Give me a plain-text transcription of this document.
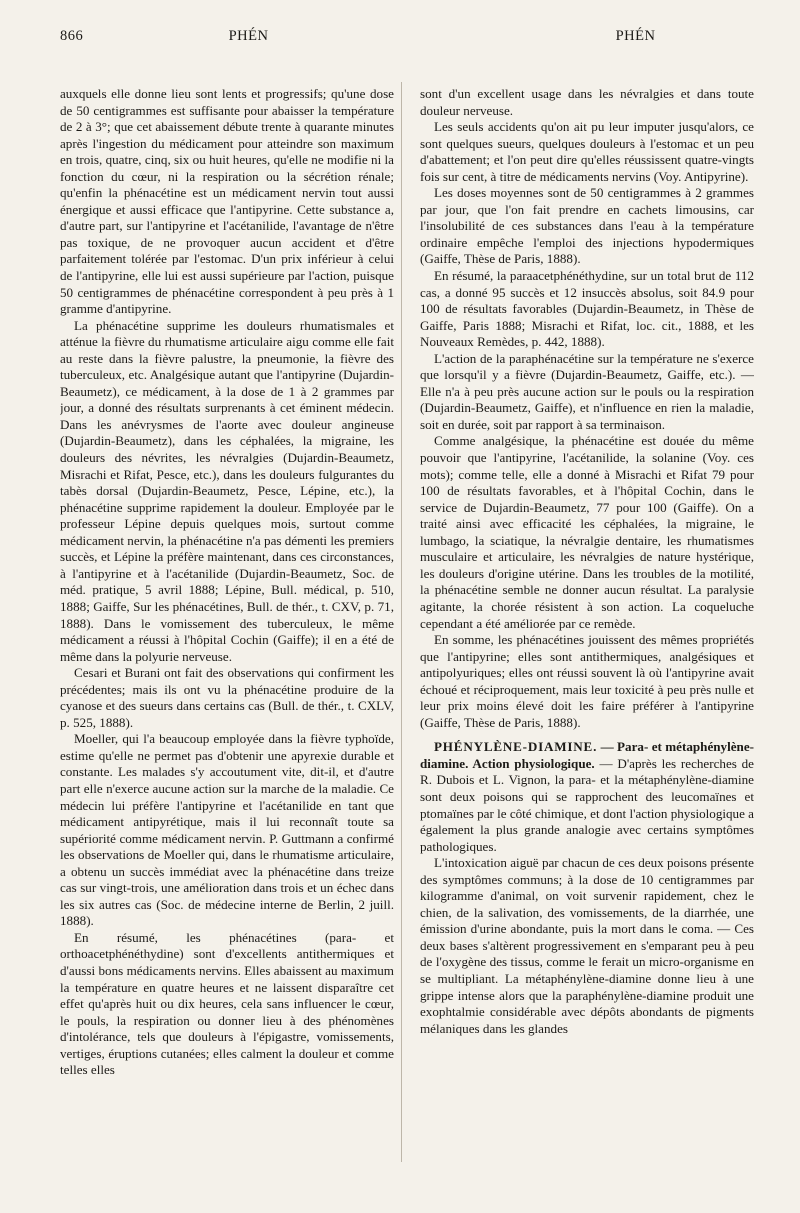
866	PHÉN	PHÉN

auxquels elle donne lieu sont lents et progressifs; qu'une dose de 50 centigrammes est suffisante pour abaisser la température de 2 à 3°; que cet abaissement débute trente à quarante minutes après l'ingestion du médicament pour atteindre son maximum en trois, quatre, cinq, six ou huit heures, qu'elle ne modifie ni la fonction du cœur, ni la respiration ou la sécrétion rénale; qu'enfin la phénacétine est un médicament nervin tout aussi énergique et aussi efficace que l'antipyrine. Cette substance a, d'autre part, sur l'antipyrine et l'acétanilide, l'avantage de n'être pas toxique, de ne provoquer aucun accident et d'être parfaitement tolérée par l'estomac. D'un prix inférieur à celui de l'antipyrine, elle lui est aussi supérieure par l'action, puisque 50 centigrammes de phénacétine correspondent à peu près à 1 gramme d'antipyrine.

La phénacétine supprime les douleurs rhumatismales et atténue la fièvre du rhumatisme articulaire aigu comme elle fait au reste dans la fièvre palustre, la pneumonie, la fièvre des tuberculeux, etc. Analgésique autant que l'antipyrine (Dujardin-Beaumetz), ce médicament, à la dose de 1 à 2 grammes par jour, a donné des résultats surprenants à cet éminent médecin. Dans les anévrysmes de l'aorte avec douleur angineuse (Dujardin-Beaumetz), dans les céphalées, la migraine, les douleurs des névrites, les névralgies (Dujardin-Beaumetz, Misrachi et Rifat, Pesce, etc.), dans les douleurs fulgurantes du tabès dorsal (Dujardin-Beaumetz, Pesce, Lépine, etc.), la phénacétine supprime rapidement la douleur. Employée par le professeur Lépine depuis quelques mois, surtout comme médicament nervin, la phénacétine n'a pas démenti les premiers succès, et Lépine la préfère maintenant, dans ces circonstances, à l'antipyrine et à l'acétanilide (Dujardin-Beaumetz, Soc. de méd. pratique, 5 avril 1888; Lépine, Bull. médical, p. 510, 1888; Gaiffe, Sur les phénacétines, Bull. de thér., t. CXV, p. 71, 1888). Dans le vomissement des tuberculeux, le même médicament a réussi à l'hôpital Cochin (Gaiffe); il en a été de même dans la polyurie nerveuse.

Cesari et Burani ont fait des observations qui confirment les précédentes; mais ils ont vu la phénacétine produire de la cyanose et des sueurs dans certains cas (Bull. de thér., t. CXLV, p. 525, 1888).

Moeller, qui l'a beaucoup employée dans la fièvre typhoïde, estime qu'elle ne permet pas d'obtenir une apyrexie durable et constante. Les malades s'y accoutument vite, dit-il, et d'autre part elle n'exerce aucune action sur la marche de la maladie. Ce médecin lui préfère l'antipyrine et l'acétanilide en tant que médicament antipyrétique, mais il lui reconnaît toute sa supériorité comme médicament nervin. P. Guttmann a confirmé les observations de Moeller qui, dans le rhumatisme articulaire, a obtenu un succès immédiat avec la phénacétine dans treize cas sur vingt-trois, une amélioration dans trois et un échec dans les six autres cas (Soc. de médecine interne de Berlin, 2 juill. 1888).

En résumé, les phénacétines (para- et orthoacetphénéthydine) sont d'excellents antithermiques et d'aussi bons médicaments nervins. Elles abaissent au maximum la température en quatre heures et ne laissent disparaître cet effet qu'après huit ou dix heures, cela sans influencer le cœur, le pouls, la respiration ou donner lieu à des phénomènes d'intolérance, tels que douleurs à l'épigastre, vomissements, vertiges, éruptions cutanées; elles calment la douleur et comme telles elles

sont d'un excellent usage dans les névralgies et dans toute douleur nerveuse.

Les seuls accidents qu'on ait pu leur imputer jusqu'alors, ce sont quelques sueurs, quelques douleurs à l'estomac et un peu d'abattement; et l'on peut dire qu'elles réussissent quatre-vingts fois sur cent, à titre de médicaments nervins (Voy. Antipyrine).

Les doses moyennes sont de 50 centigrammes à 2 grammes par jour, que l'on fait prendre en cachets limousins, car l'insolubilité de ces substances dans l'eau à la température ordinaire empêche l'emploi des injections hypodermiques (Gaiffe, Thèse de Paris, 1888).

En résumé, la paraacetphénéthydine, sur un total brut de 112 cas, a donné 95 succès et 12 insuccès absolus, soit 84.9 pour 100 de résultats favorables (Dujardin-Beaumetz, in Thèse de Gaiffe, Paris 1888; Misrachi et Rifat, loc. cit., 1888, et les Nouveaux Remèdes, p. 442, 1888).

L'action de la paraphénacétine sur la température ne s'exerce que lorsqu'il y a fièvre (Dujardin-Beaumetz, Gaiffe, etc.). — Elle n'a à peu près aucune action sur le pouls ou la respiration (Dujardin-Beaumetz, Gaiffe), et n'influence en rien la maladie, soit en durée, soit par rapport à sa terminaison.

Comme analgésique, la phénacétine est douée du même pouvoir que l'antipyrine, l'acétanilide, la solanine (Voy. ces mots); comme telle, elle a donné à Misrachi et Rifat 79 pour 100 de résultats favorables, et à l'hôpital Cochin, dans le service de Dujardin-Beaumetz, 77 pour 100 (Gaiffe). On a traité ainsi avec efficacité les céphalées, la migraine, le lumbago, la sciatique, la névralgie dentaire, les rhumatismes musculaire et articulaire, les névralgies de nature hystérique, les douleurs d'origine utérine. Dans les troubles de la motilité, la phénacétine semble ne donner aucun résultat. La paralysie agitante, la chorée résistent à son action. La coqueluche cependant a été améliorée par ce remède.

En somme, les phénacétines jouissent des mêmes propriétés que l'antipyrine; elles sont antithermiques, analgésiques et antipolyuriques; elles ont réussi souvent là où l'antipyrine avait échoué et réciproquement, mais leur toxicité à peu près nulle et leur prix moins élevé doit les faire préférer à l'antipyrine (Gaiffe, Thèse de Paris, 1888).

PHÉNYLÈNE-DIAMINE. — Para- et métaphénylène-diamine. Action physiologique. — D'après les recherches de R. Dubois et L. Vignon, la para- et la métaphénylène-diamine sont deux poisons qui se rapprochent des leucomaïnes et ptomaïnes par le côté chimique, et dont l'action physiologique a également la plus grande analogie avec certains symptômes pathologiques.

L'intoxication aiguë par chacun de ces deux poisons présente des symptômes communs; à la dose de 10 centigrammes par kilogramme d'animal, on voit survenir rapidement, chez le chien, de la salivation, des vomissements, de la diarrhée, une émission d'urine abondante, puis la mort dans le coma. — Ces deux bases s'altèrent progressivement en s'emparant peu à peu de l'oxygène des tissus, comme le ferait un micro-organisme en se multipliant. La métaphénylène-diamine donne lieu à une grippe intense alors que la paraphénylène-diamine produit une exophtalmie considérable avec dépôts abondants de pigments mélaniques dans les glandes
